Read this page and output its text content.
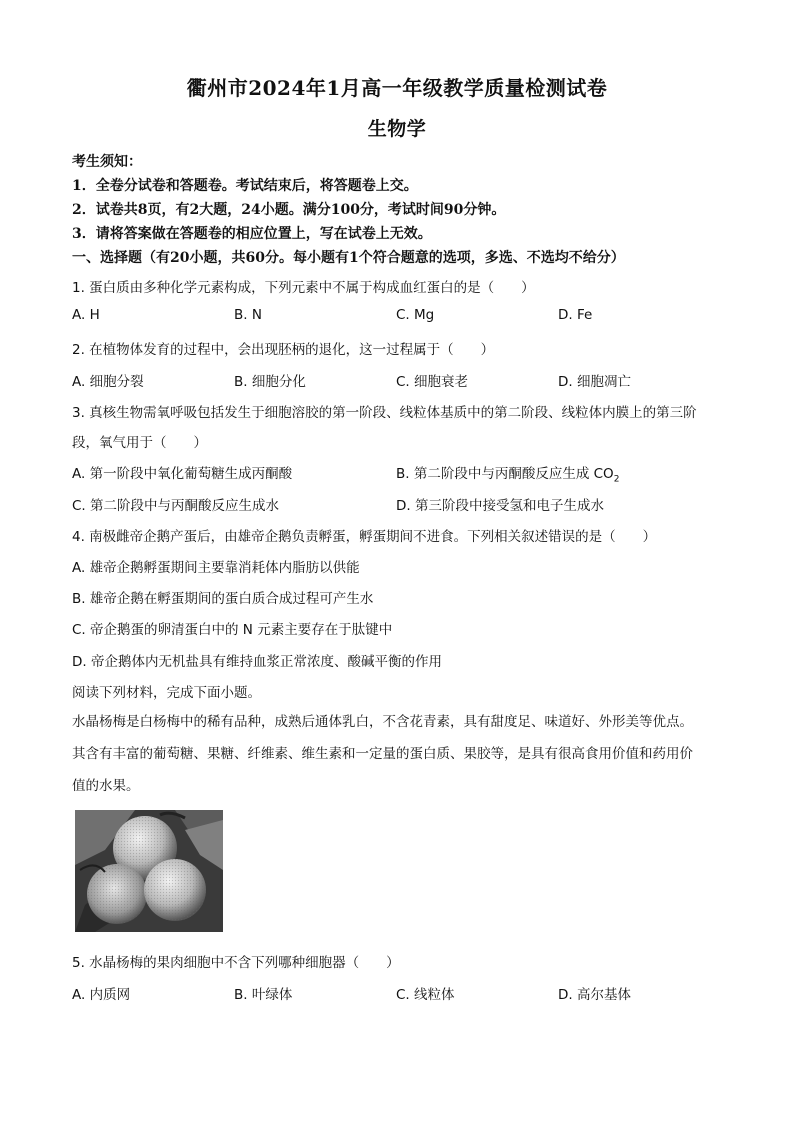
衢州市2024年1月高一年级教学质量检测试卷
生物学
考生须知：
1．全卷分试卷和答题卷。考试结束后，将答题卷上交。
2．试卷共8页，有2大题，24小题。满分100分，考试时间90分钟。
3．请将答案做在答题卷的相应位置上，写在试卷上无效。
一、选择题（有20小题，共60分。每小题有1个符合题意的选项，多选、不选均不给分）
1. 蛋白质由多种化学元素构成，下列元素中不属于构成血红蛋白的是（　　）
A. H	B. N	C. Mg	D. Fe
2. 在植物体发育的过程中，会出现胚柄的退化，这一过程属于（　　）
A. 细胞分裂	B. 细胞分化	C. 细胞衰老	D. 细胞凋亡
3. 真核生物需氧呼吸包括发生于细胞溶胶的第一阶段、线粒体基质中的第二阶段、线粒体内膜上的第三阶
段，氧气用于（　　）
A. 第一阶段中氧化葡萄糖生成丙酮酸	B. 第二阶段中与丙酮酸反应生成 $CO_2$
C. 第二阶段中与丙酮酸反应生成水	D. 第三阶段中接受氢和电子生成水
4. 南极雌帝企鹅产蛋后，由雄帝企鹅负责孵蛋，孵蛋期间不进食。下列相关叙述错误的是（　　）
A. 雄帝企鹅孵蛋期间主要靠消耗体内脂肪以供能
B. 雄帝企鹅在孵蛋期间的蛋白质合成过程可产生水
C. 帝企鹅蛋的卵清蛋白中的 N 元素主要存在于肽键中
D. 帝企鹅体内无机盐具有维持血浆正常浓度、酸碱平衡的作用
阅读下列材料，完成下面小题。
水晶杨梅是白杨梅中的稀有品种，成熟后通体乳白，不含花青素，具有甜度足、味道好、外形美等优点。
其含有丰富的葡萄糖、果糖、纤维素、维生素和一定量的蛋白质、果胶等，是具有很高食用价值和药用价
值的水果。
5. 水晶杨梅的果肉细胞中不含下列哪种细胞器（　　）
A. 内质网	B. 叶绿体	C. 线粒体	D. 高尔基体
